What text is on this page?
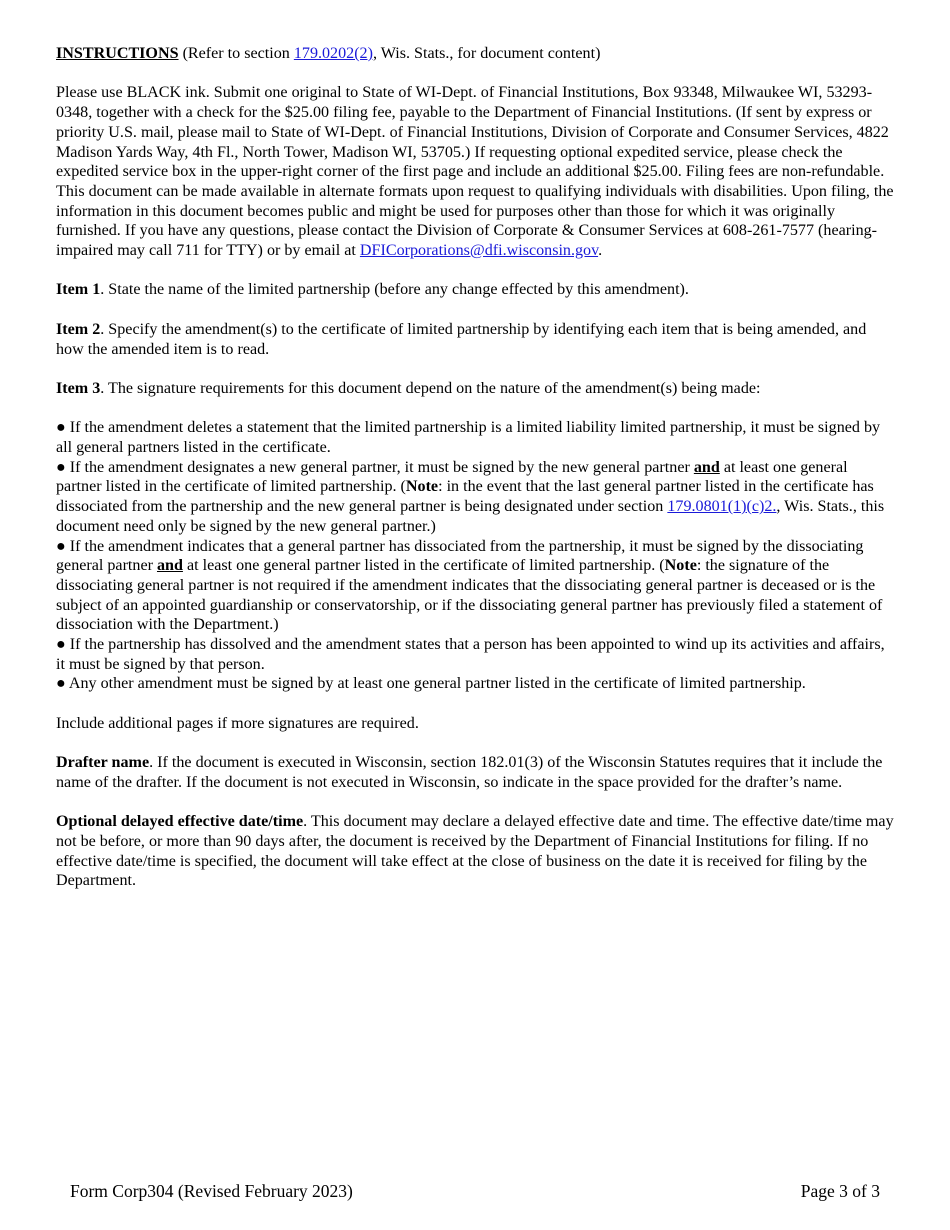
INSTRUCTIONS (Refer to section 179.0202(2), Wis. Stats., for document content)

Please use BLACK ink. Submit one original to State of WI-Dept. of Financial Institutions, Box 93348, Milwaukee WI, 53293-0348, together with a check for the $25.00 filing fee, payable to the Department of Financial Institutions. (If sent by express or priority U.S. mail, please mail to State of WI-Dept. of Financial Institutions, Division of Corporate and Consumer Services, 4822 Madison Yards Way, 4th Fl., North Tower, Madison WI, 53705.) If requesting optional expedited service, please check the expedited service box in the upper-right corner of the first page and include an additional $25.00. Filing fees are non-refundable. This document can be made available in alternate formats upon request to qualifying individuals with disabilities. Upon filing, the information in this document becomes public and might be used for purposes other than those for which it was originally furnished. If you have any questions, please contact the Division of Corporate & Consumer Services at 608-261-7577 (hearing-impaired may call 711 for TTY) or by email at DFICorporations@dfi.wisconsin.gov.

Item 1. State the name of the limited partnership (before any change effected by this amendment).

Item 2. Specify the amendment(s) to the certificate of limited partnership by identifying each item that is being amended, and how the amended item is to read.

Item 3. The signature requirements for this document depend on the nature of the amendment(s) being made:

● If the amendment deletes a statement that the limited partnership is a limited liability limited partnership, it must be signed by all general partners listed in the certificate.

● If the amendment designates a new general partner, it must be signed by the new general partner and at least one general partner listed in the certificate of limited partnership. (Note: in the event that the last general partner listed in the certificate has dissociated from the partnership and the new general partner is being designated under section 179.0801(1)(c)2., Wis. Stats., this document need only be signed by the new general partner.)

● If the amendment indicates that a general partner has dissociated from the partnership, it must be signed by the dissociating general partner and at least one general partner listed in the certificate of limited partnership. (Note: the signature of the dissociating general partner is not required if the amendment indicates that the dissociating general partner is deceased or is the subject of an appointed guardianship or conservatorship, or if the dissociating general partner has previously filed a statement of dissociation with the Department.)

● If the partnership has dissolved and the amendment states that a person has been appointed to wind up its activities and affairs, it must be signed by that person.

● Any other amendment must be signed by at least one general partner listed in the certificate of limited partnership.

Include additional pages if more signatures are required.

Drafter name. If the document is executed in Wisconsin, section 182.01(3) of the Wisconsin Statutes requires that it include the name of the drafter. If the document is not executed in Wisconsin, so indicate in the space provided for the drafter’s name.

Optional delayed effective date/time. This document may declare a delayed effective date and time. The effective date/time may not be before, or more than 90 days after, the document is received by the Department of Financial Institutions for filing. If no effective date/time is specified, the document will take effect at the close of business on the date it is received for filing by the Department.

Form Corp304 (Revised February 2023)	Page 3 of 3
